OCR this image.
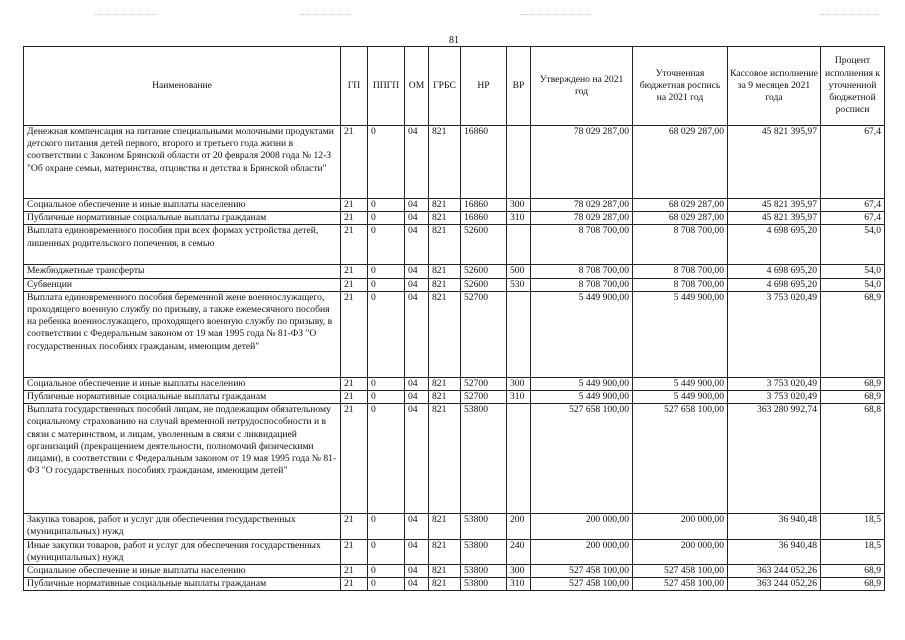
81
Наименование	ГП	ППГП	ОМ	ГРБС	НР	ВР	Утверждено на 2021 год	Уточненная бюджетная роспись на 2021 год	Кассовое исполнение за 9 месяцев 2021 года	Процент исполнения к уточненной бюджетной росписи
Денежная компенсация на питание специальными молочными продуктами детского питания детей первого, второго и третьего года жизни в соответствии с Законом Брянской области от 20 февраля 2008 года № 12-З "Об охране семьи, материнства, отцовства и детства в Брянской области"	21	0	04	821	16860		78 029 287,00	68 029 287,00	45 821 395,97	67,4
Социальное обеспечение и иные выплаты населению	21	0	04	821	16860	300	78 029 287,00	68 029 287,00	45 821 395,97	67,4
Публичные нормативные социальные выплаты гражданам	21	0	04	821	16860	310	78 029 287,00	68 029 287,00	45 821 395,97	67,4
Выплата единовременного пособия при всех формах устройства детей, лишенных родительского попечения, в семью	21	0	04	821	52600		8 708 700,00	8 708 700,00	4 698 695,20	54,0
Межбюджетные трансферты	21	0	04	821	52600	500	8 708 700,00	8 708 700,00	4 698 695,20	54,0
Субвенции	21	0	04	821	52600	530	8 708 700,00	8 708 700,00	4 698 695,20	54,0
Выплата единовременного пособия беременной жене военнослужащего, проходящего военную службу по призыву, а также ежемесячного пособия на ребенка военнослужащего, проходящего военную службу по призыву, в соответствии с Федеральным законом от 19 мая 1995 года № 81-ФЗ "О государственных пособиях гражданам, имеющим детей"	21	0	04	821	52700		5 449 900,00	5 449 900,00	3 753 020,49	68,9
Социальное обеспечение и иные выплаты населению	21	0	04	821	52700	300	5 449 900,00	5 449 900,00	3 753 020,49	68,9
Публичные нормативные социальные выплаты гражданам	21	0	04	821	52700	310	5 449 900,00	5 449 900,00	3 753 020,49	68,9
Выплата государственных пособий лицам, не подлежащим обязательному социальному страхованию на случай временной нетрудоспособности и в связи с материнством, и лицам, уволенным в связи с ликвидацией организаций (прекращением деятельности, полномочий физическими лицами), в соответствии с Федеральным законом от 19 мая 1995 года № 81-ФЗ "О государственных пособиях гражданам, имеющим детей"	21	0	04	821	53800		527 658 100,00	527 658 100,00	363 280 992,74	68,8
Закупка товаров, работ и услуг для обеспечения государственных (муниципальных) нужд	21	0	04	821	53800	200	200 000,00	200 000,00	36 940,48	18,5
Иные закупки товаров, работ и услуг для обеспечения государственных (муниципальных) нужд	21	0	04	821	53800	240	200 000,00	200 000,00	36 940,48	18,5
Социальное обеспечение и иные выплаты населению	21	0	04	821	53800	300	527 458 100,00	527 458 100,00	363 244 052,26	68,9
Публичные нормативные социальные выплаты гражданам	21	0	04	821	53800	310	527 458 100,00	527 458 100,00	363 244 052,26	68,9
